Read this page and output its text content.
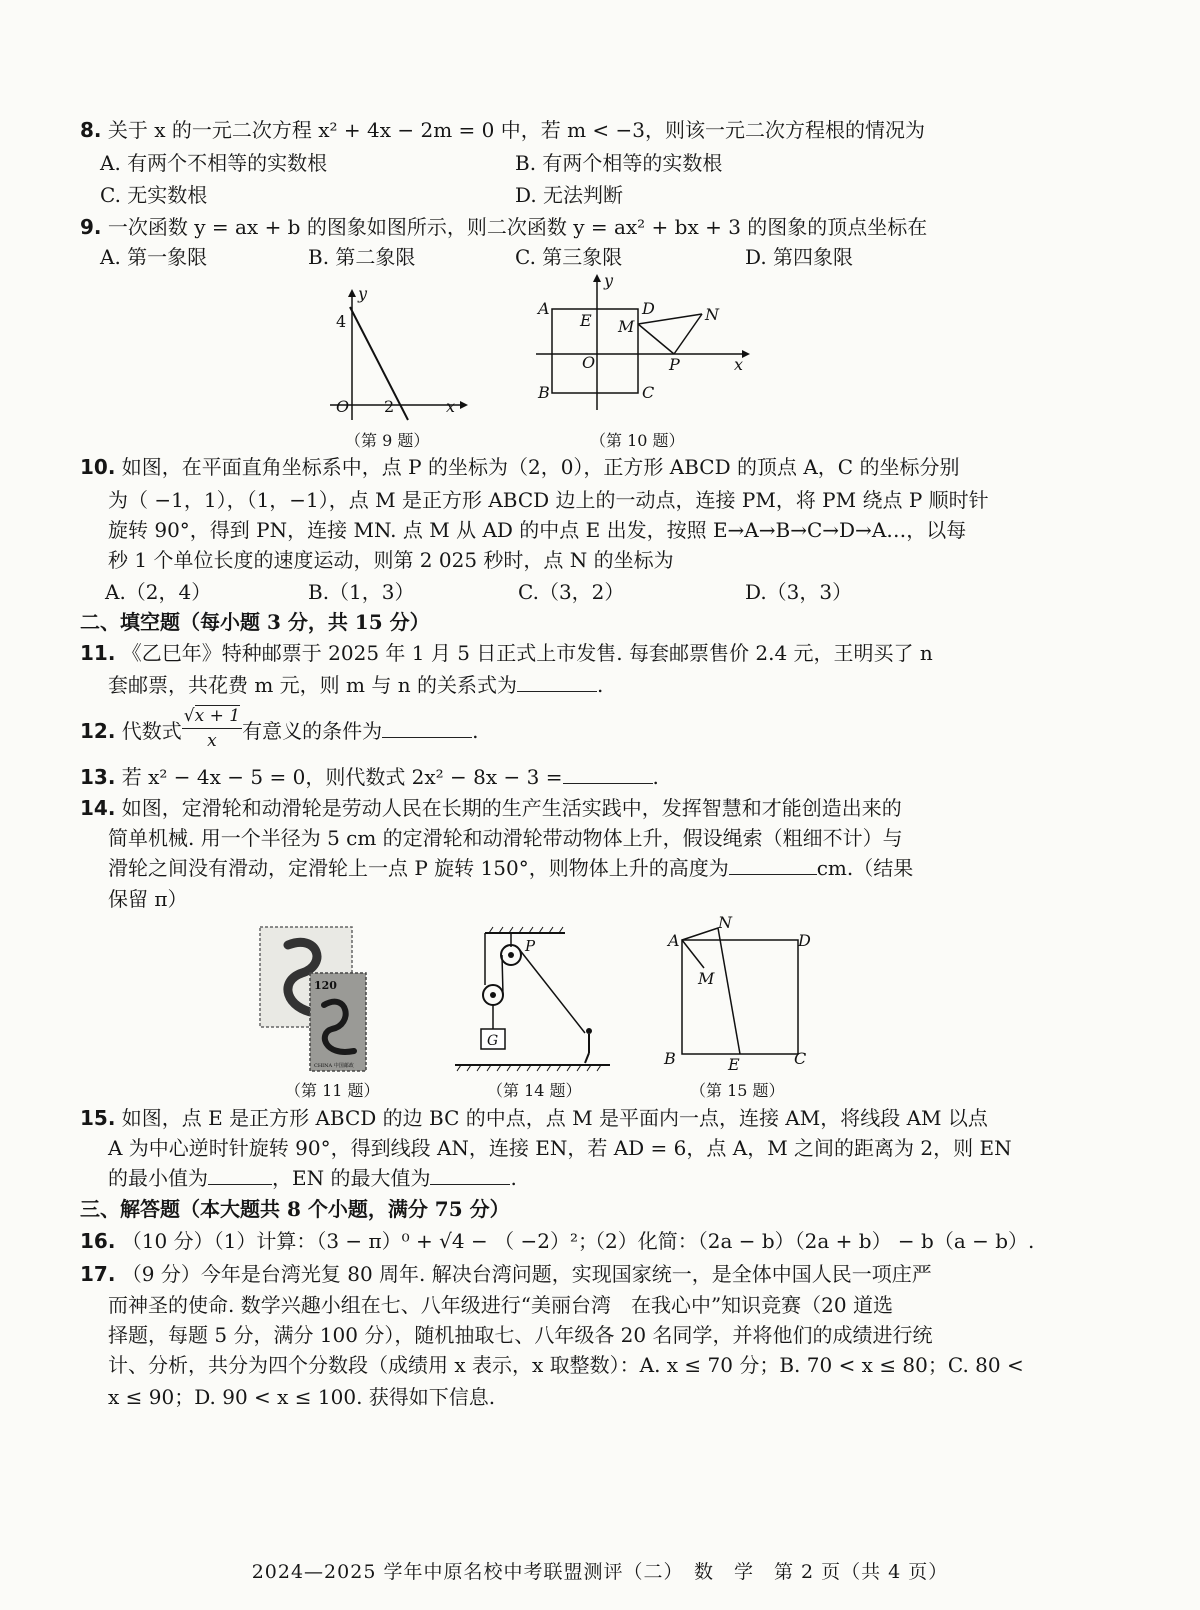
8. 关于 x 的一元二次方程 x² + 4x − 2m = 0 中，若 m < −3，则该一元二次方程根的情况为
A. 有两个不相等的实数根	B. 有两个相等的实数根
C. 无实数根	D. 无法判断
9. 一次函数 y = ax + b 的图象如图所示，则二次函数 y = ax² + bx + 3 的图象的顶点坐标在
A. 第一象限	B. 第二象限	C. 第三象限	D. 第四象限
y
4
O 2	x
（第 9 题）
A
B	C
D
E M
N
P
O
y
x
（第 10 题）
10. 如图，在平面直角坐标系中，点 P 的坐标为（2，0），正方形 ABCD 的顶点 A，C 的坐标分别
为（ −1，1），（1，−1），点 M 是正方形 ABCD 边上的一动点，连接 PM，将 PM 绕点 P 顺时针
旋转 90°，得到 PN，连接 MN. 点 M 从 AD 的中点 E 出发，按照 E→A→B→C→D→A…，以每
秒 1 个单位长度的速度运动，则第 2 025 秒时，点 N 的坐标为
A.（2，4）	B.（1，3）	C.（3，2）	D.（3，3）
二、填空题（每小题 3 分，共 15 分）
11. 《乙巳年》特种邮票于 2025 年 1 月 5 日正式上市发售. 每套邮票售价 2.4 元，王明买了 n
套邮票，共花费 m 元，则 m 与 n 的关系式为	.
12. 代数式 $\frac{√x + 1}{x}$ 有意义的条件为	.
13. 若 x² − 4x − 5 = 0，则代数式 2x² − 8x − 3 =	.
14. 如图，定滑轮和动滑轮是劳动人民在长期的生产生活实践中，发挥智慧和才能创造出来的
简单机械. 用一个半径为 5 cm 的定滑轮和动滑轮带动物体上升，假设绳索（粗细不计）与
滑轮之间没有滑动，定滑轮上一点 P 旋转 150°，则物体上升的高度为	cm.（结果
保留 π）
120
CHINA 中国邮政
（第 11 题）
G
P
（第 14 题）
A
B	C
D
E
M
N
（第 15 题）
15. 如图，点 E 是正方形 ABCD 的边 BC 的中点，点 M 是平面内一点，连接 AM，将线段 AM 以点
A 为中心逆时针旋转 90°，得到线段 AN，连接 EN，若 AD = 6，点 A，M 之间的距离为 2，则 EN
的最小值为	，EN 的最大值为	.
三、解答题（本大题共 8 个小题，满分 75 分）
16. （10 分）（1）计算：（3 − π）⁰ + √4 − （ −2）²；
（2）化简：（2a − b）（2a + b） − b（a − b）.
17. （9 分）今年是台湾光复 80 周年. 解决台湾问题，实现国家统一，是全体中国人民一项庄严
而神圣的使命. 数学兴趣小组在七、八年级进行“美丽台湾　在我心中”知识竞赛（20 道选
择题，每题 5 分，满分 100 分），随机抽取七、八年级各 20 名同学，并将他们的成绩进行统
计、分析，共分为四个分数段（成绩用 x 表示，x 取整数）：A. x ≤ 70 分；B. 70 < x ≤ 80；C. 80 <
x ≤ 90；D. 90 < x ≤ 100. 获得如下信息.
2024—2025 学年中原名校中考联盟测评（二）　数　学　第 2 页（共 4 页）
